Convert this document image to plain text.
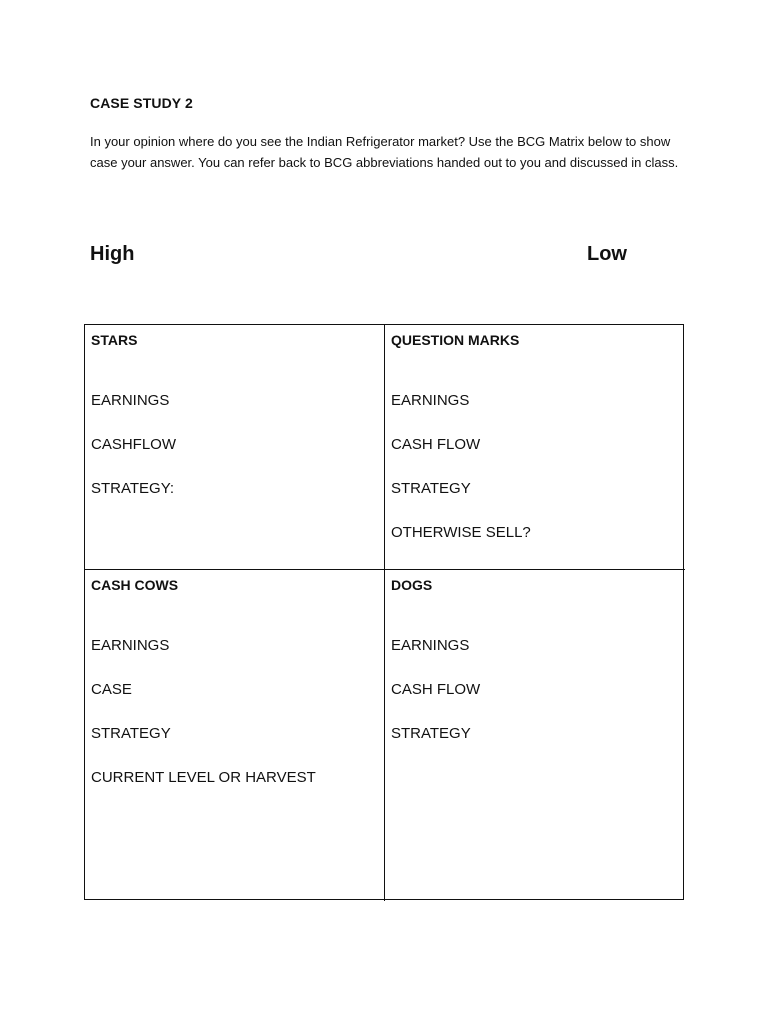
CASE STUDY 2

In your opinion where do you see the Indian Refrigerator market? Use the BCG Matrix below to show case your answer. You can refer back to BCG abbreviations handed out to you and discussed in class.

High	Low
STARS
EARNINGS
CASHFLOW
STRATEGY:
QUESTION MARKS
EARNINGS
CASH FLOW
STRATEGY
OTHERWISE SELL?
CASH COWS
EARNINGS
CASE
STRATEGY
CURRENT LEVEL OR HARVEST
DOGS
EARNINGS
CASH FLOW
STRATEGY
